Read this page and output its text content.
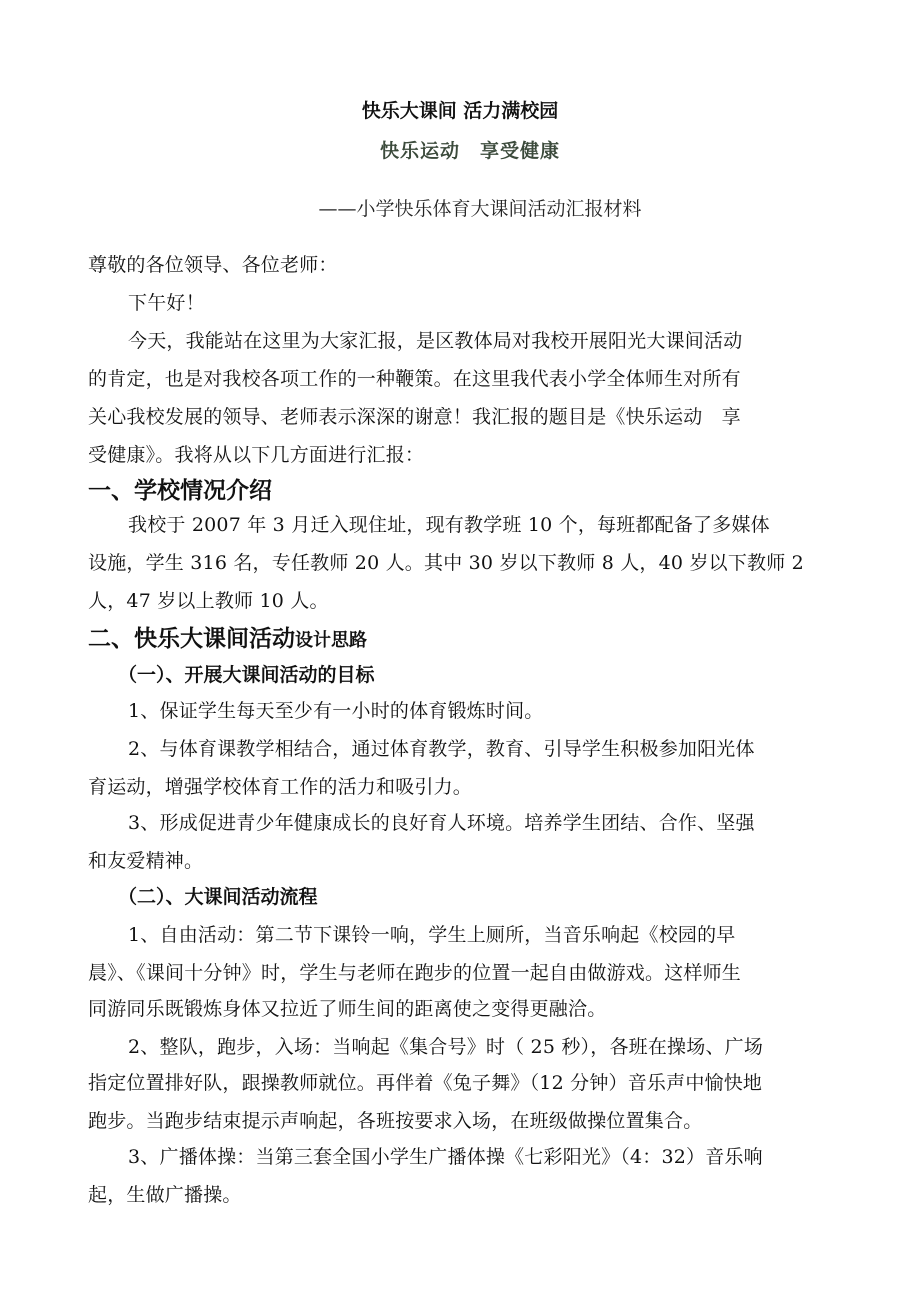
快乐大课间 活力满校园
快乐运动　享受健康
——小学快乐体育大课间活动汇报材料
尊敬的各位领导、各位老师：
下午好！
今天，我能站在这里为大家汇报，是区教体局对我校开展阳光大课间活动
的肯定，也是对我校各项工作的一种鞭策。在这里我代表小学全体师生对所有
关心我校发展的领导、老师表示深深的谢意！我汇报的题目是《快乐运动　享
受健康》。我将从以下几方面进行汇报：
一、学校情况介绍
我校于 2007 年 3 月迁入现住址，现有教学班 10 个，每班都配备了多媒体
设施，学生 316 名，专任教师 20 人。其中 30 岁以下教师 8 人，40 岁以下教师 2
人，47 岁以上教师 10 人。
二、快乐大课间活动设计思路
（一）、开展大课间活动的目标
1、保证学生每天至少有一小时的体育锻炼时间。
2、与体育课教学相结合，通过体育教学，教育、引导学生积极参加阳光体
育运动，增强学校体育工作的活力和吸引力。
3、形成促进青少年健康成长的良好育人环境。培养学生团结、合作、坚强
和友爱精神。
（二）、大课间活动流程
1、自由活动：第二节下课铃一响，学生上厕所，当音乐响起《校园的早
晨》、《课间十分钟》时，学生与老师在跑步的位置一起自由做游戏。这样师生
同游同乐既锻炼身体又拉近了师生间的距离使之变得更融洽。
2、整队，跑步，入场：当响起《集合号》时（ 25 秒），各班在操场、广场
指定位置排好队，跟操教师就位。再伴着《兔子舞》（12 分钟）音乐声中愉快地
跑步。当跑步结束提示声响起，各班按要求入场，在班级做操位置集合。
3、广播体操：当第三套全国小学生广播体操《七彩阳光》（4：32）音乐响
起，生做广播操。
